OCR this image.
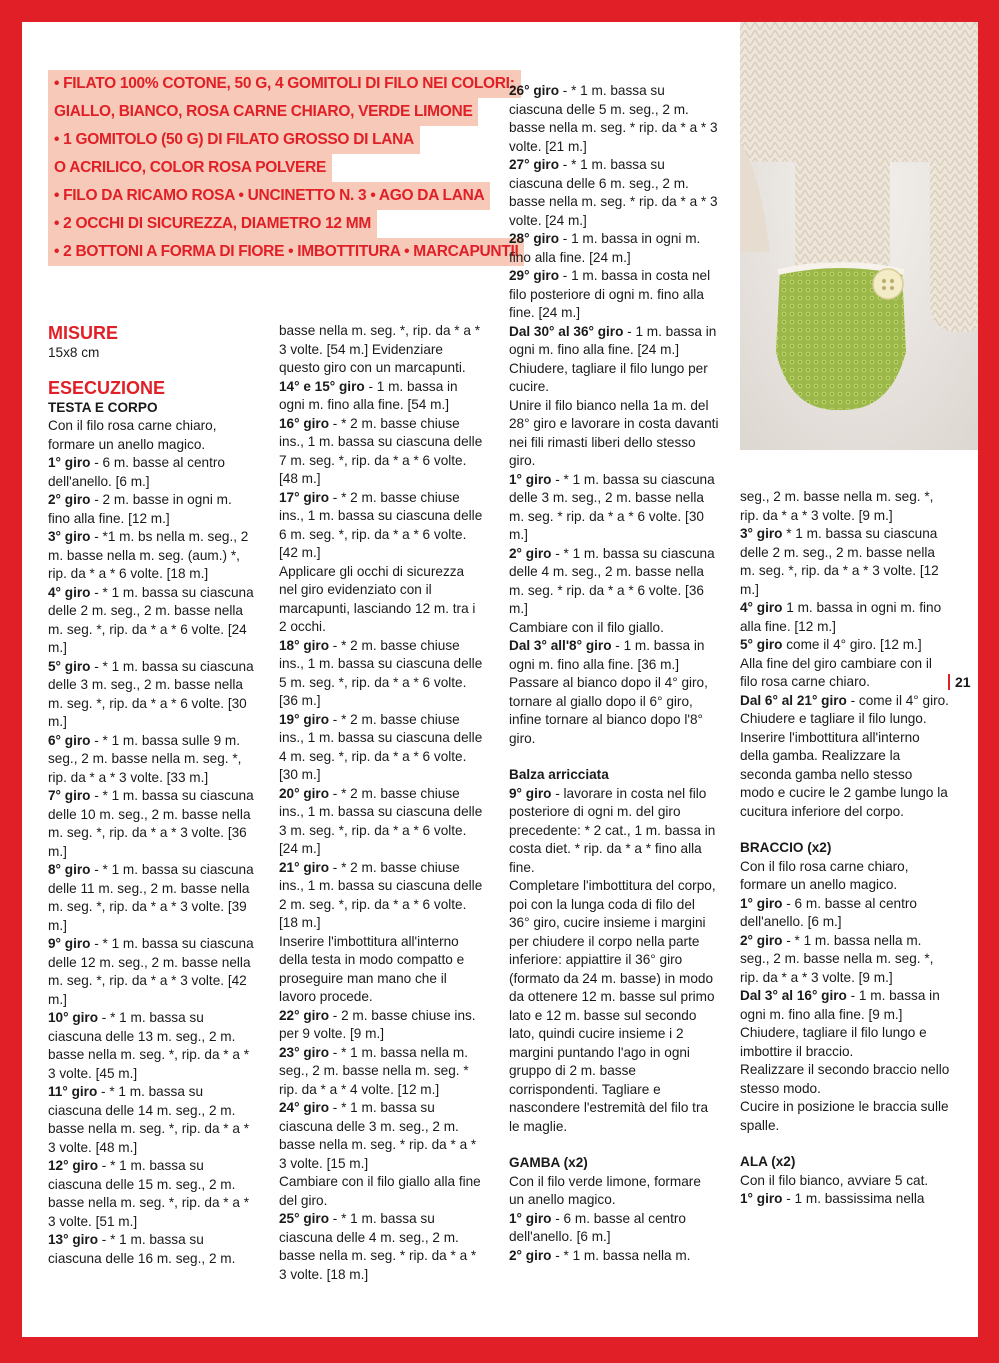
• FILATO 100% COTONE, 50 G, 4 GOMITOLI DI FILO NEI COLORI:
GIALLO, BIANCO, ROSA CARNE CHIARO, VERDE LIMONE
• 1 GOMITOLO (50 G) DI FILATO GROSSO DI LANA
O ACRILICO, COLOR ROSA POLVERE
• FILO DA RICAMO ROSA • UNCINETTO N. 3 • AGO DA LANA
• 2 OCCHI DI SICUREZZA, DIAMETRO 12 MM
• 2 BOTTONI A FORMA DI FIORE • IMBOTTITURA • MARCAPUNTII

MISURE

15x8 cm

ESECUZIONE

TESTA E CORPO

Con il filo rosa carne chiaro, formare un anello magico.

1° giro - 6 m. basse al centro dell'anello. [6 m.]

2° giro - 2 m. basse in ogni m. fino alla fine. [12 m.]

3° giro - *1 m. bs nella m. seg., 2 m. basse nella m. seg. (aum.) *, rip. da * a * 6 volte. [18 m.]

4° giro - * 1 m. bassa su ciascuna delle 2 m. seg., 2 m. basse nella m. seg. *, rip. da * a * 6 volte. [24 m.]

5° giro - * 1 m. bassa su ciascuna delle 3 m. seg., 2 m. basse nella m. seg. *, rip. da * a * 6 volte. [30 m.]

6° giro - * 1 m. bassa sulle 9 m. seg., 2 m. basse nella m. seg. *, rip. da * a * 3 volte. [33 m.]

7° giro - * 1 m. bassa su ciascuna delle 10 m. seg., 2 m. basse nella m. seg. *, rip. da * a * 3 volte. [36 m.]

8° giro - * 1 m. bassa su ciascuna delle 11 m. seg., 2 m. basse nella m. seg. *, rip. da * a * 3 volte. [39 m.]

9° giro - * 1 m. bassa su ciascuna delle 12 m. seg., 2 m. basse nella m. seg. *, rip. da * a * 3 volte. [42 m.]

10° giro - * 1 m. bassa su ciascuna delle 13 m. seg., 2 m. basse nella m. seg. *, rip. da * a * 3 volte. [45 m.]

11° giro - * 1 m. bassa su ciascuna delle 14 m. seg., 2 m. basse nella m. seg. *, rip. da * a * 3 volte. [48 m.]

12° giro - * 1 m. bassa su ciascuna delle 15 m. seg., 2 m. basse nella m. seg. *, rip. da * a * 3 volte. [51 m.]

13° giro - * 1 m. bassa su ciascuna delle 16 m. seg., 2 m.

basse nella m. seg. *, rip. da * a * 3 volte. [54 m.] Evidenziare questo giro con un marcapunti.

14° e 15° giro - 1 m. bassa in ogni m. fino alla fine. [54 m.]

16° giro - * 2 m. basse chiuse ins., 1 m. bassa su ciascuna delle 7 m. seg. *, rip. da * a * 6 volte. [48 m.]

17° giro - * 2 m. basse chiuse ins., 1 m. bassa su ciascuna delle 6 m. seg. *, rip. da * a * 6 volte. [42 m.]

Applicare gli occhi di sicurezza nel giro evidenziato con il marcapunti, lasciando 12 m. tra i 2 occhi.

18° giro - * 2 m. basse chiuse ins., 1 m. bassa su ciascuna delle 5 m. seg. *, rip. da * a * 6 volte. [36 m.]

19° giro - * 2 m. basse chiuse ins., 1 m. bassa su ciascuna delle 4 m. seg. *, rip. da * a * 6 volte. [30 m.]

20° giro - * 2 m. basse chiuse ins., 1 m. bassa su ciascuna delle 3 m. seg. *, rip. da * a * 6 volte. [24 m.]

21° giro - * 2 m. basse chiuse ins., 1 m. bassa su ciascuna delle 2 m. seg. *, rip. da * a * 6 volte. [18 m.]

Inserire l'imbottitura all'interno della testa in modo compatto e proseguire man mano che il lavoro procede.

22° giro - 2 m. basse chiuse ins. per 9 volte. [9 m.]

23° giro - * 1 m. bassa nella m. seg., 2 m. basse nella m. seg. * rip. da * a * 4 volte. [12 m.]

24° giro - * 1 m. bassa su ciascuna delle 3 m. seg., 2 m. basse nella m. seg. * rip. da * a * 3 volte. [15 m.]

Cambiare con il filo giallo alla fine del giro.

25° giro - * 1 m. bassa su ciascuna delle 4 m. seg., 2 m. basse nella m. seg. * rip. da * a * 3 volte. [18 m.]

26° giro - * 1 m. bassa su ciascuna delle 5 m. seg., 2 m. basse nella m. seg. * rip. da * a * 3 volte. [21 m.]

27° giro - * 1 m. bassa su ciascuna delle 6 m. seg., 2 m. basse nella m. seg. * rip. da * a * 3 volte. [24 m.]

28° giro - 1 m. bassa in ogni m. fino alla fine. [24 m.]

29° giro - 1 m. bassa in costa nel filo posteriore di ogni m. fino alla fine. [24 m.]

Dal 30° al 36° giro - 1 m. bassa in ogni m. fino alla fine. [24 m.]

Chiudere, tagliare il filo lungo per cucire.

Unire il filo bianco nella 1a m. del 28° giro e lavorare in costa davanti nei fili rimasti liberi dello stesso giro.

1° giro - * 1 m. bassa su ciascuna delle 3 m. seg., 2 m. basse nella m. seg. * rip. da * a * 6 volte. [30 m.]

2° giro - * 1 m. bassa su ciascuna delle 4 m. seg., 2 m. basse nella m. seg. * rip. da * a * 6 volte. [36 m.]

Cambiare con il filo giallo.

Dal 3° all'8° giro - 1 m. bassa in ogni m. fino alla fine. [36 m.]

Passare al bianco dopo il 4° giro, tornare al giallo dopo il 6° giro, infine tornare al bianco dopo l'8° giro.

Balza arricciata

9° giro - lavorare in costa nel filo posteriore di ogni m. del giro precedente: * 2 cat., 1 m. bassa in costa diet. * rip. da * a * fino alla fine.

Completare l'imbottitura del corpo, poi con la lunga coda di filo del 36° giro, cucire insieme i margini per chiudere il corpo nella parte inferiore: appiattire il 36° giro (formato da 24 m. basse) in modo da ottenere 12 m. basse sul primo lato e 12 m. basse sul secondo lato, quindi cucire insieme i 2 margini puntando l'ago in ogni gruppo di 2 m. basse corrispondenti. Tagliare e nascondere l'estremità del filo tra le maglie.

GAMBA (x2)

Con il filo verde limone, formare un anello magico.

1° giro - 6 m. basse al centro dell'anello. [6 m.]

2° giro - * 1 m. bassa nella m.

seg., 2 m. basse nella m. seg. *, rip. da * a * 3 volte. [9 m.]

3° giro * 1 m. bassa su ciascuna delle 2 m. seg., 2 m. basse nella m. seg. *, rip. da * a * 3 volte. [12 m.]

4° giro 1 m. bassa in ogni m. fino alla fine. [12 m.]

5° giro come il 4° giro. [12 m.]

Alla fine del giro cambiare con il filo rosa carne chiaro.

Dal 6° al 21° giro - come il 4° giro.

Chiudere e tagliare il filo lungo. Inserire l'imbottitura all'interno della gamba. Realizzare la seconda gamba nello stesso modo e cucire le 2 gambe lungo la cucitura inferiore del corpo.

BRACCIO (x2)

Con il filo rosa carne chiaro, formare un anello magico.

1° giro - 6 m. basse al centro dell'anello. [6 m.]

2° giro - * 1 m. bassa nella m. seg., 2 m. basse nella m. seg. *, rip. da * a * 3 volte. [9 m.]

Dal 3° al 16° giro - 1 m. bassa in ogni m. fino alla fine. [9 m.] Chiudere, tagliare il filo lungo e imbottire il braccio.

Realizzare il secondo braccio nello stesso modo.

Cucire in posizione le braccia sulle spalle.

ALA (x2)

Con il filo bianco, avviare 5 cat.

1° giro - 1 m. bassissima nella

21
